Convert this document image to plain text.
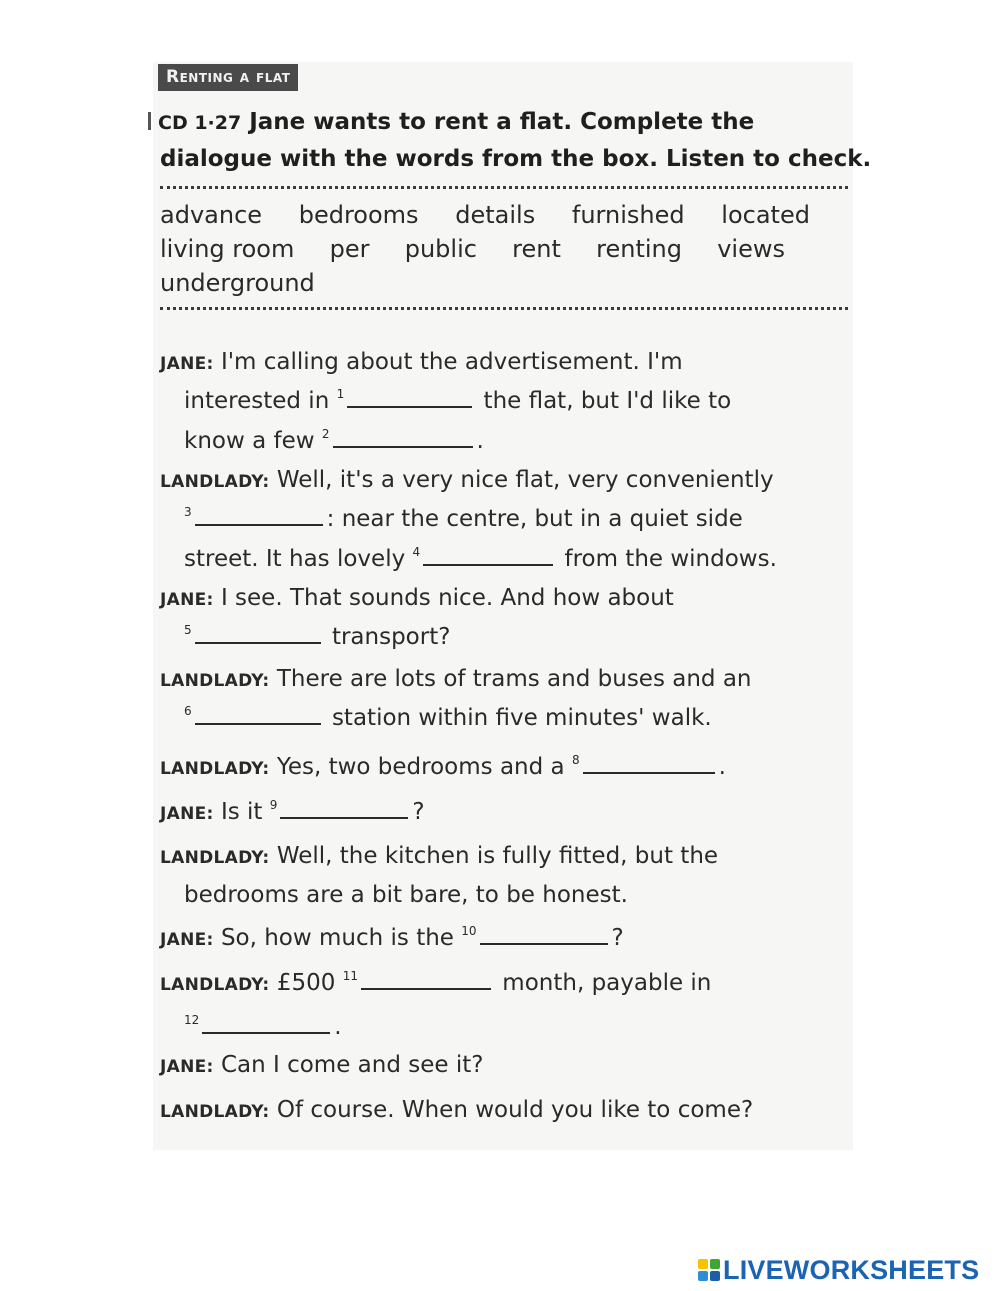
Renting a flat
CD 1·27 Jane wants to rent a flat. Complete the
dialogue with the words from the box. Listen to check.
advance bedrooms details furnished located
living room per public rent renting views
underground
JANE: I'm calling about the advertisement. I'm
interested in $^1$	the flat, but I'd like to
know a few $^2$	.
LANDLADY: Well, it's a very nice flat, very conveniently
$^3$	: near the centre, but in a quiet side
street. It has lovely $^4$	from the windows.
JANE: I see. That sounds nice. And how about
$^5$	transport?
LANDLADY: There are lots of trams and buses and an
$^6$	station within five minutes' walk.
LANDLADY: Yes, two bedrooms and a $^8$	.
JANE: Is it $^9$	?
LANDLADY: Well, the kitchen is fully fitted, but the
bedrooms are a bit bare, to be honest.
JANE: So, how much is the $^{10}$	?
LANDLADY: £500 $^{11}$	month, payable in
$^{12}$	.
JANE: Can I come and see it?
LANDLADY: Of course. When would you like to come?
LIVEWORKSHEETS
